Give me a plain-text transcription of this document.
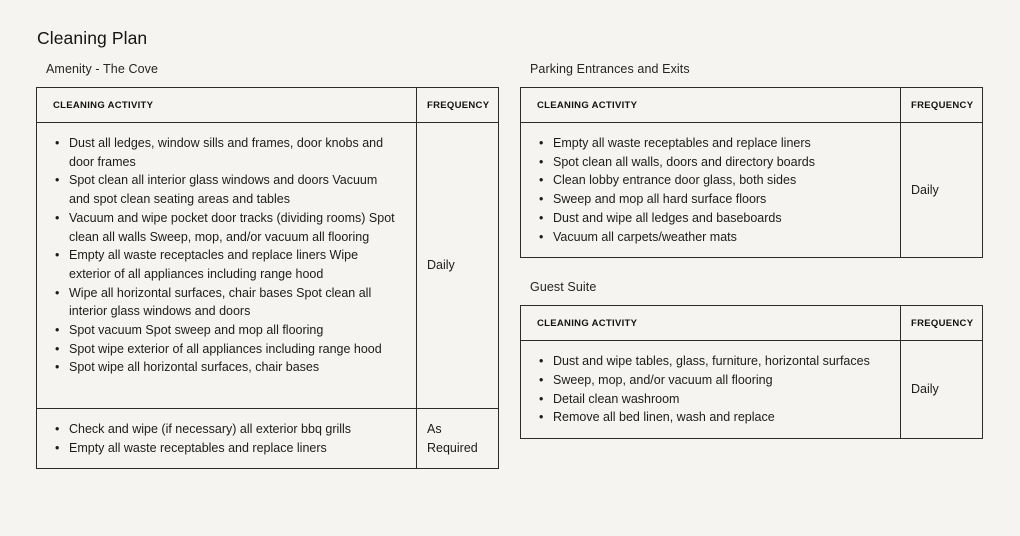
Cleaning Plan
Amenity - The Cove
CLEANING ACTIVITY	FREQUENCY
• Dust all ledges, window sills and frames, door knobs and door frames
• Spot clean all interior glass windows and doors Vacuum and spot clean seating areas and tables
• Vacuum and wipe pocket door tracks (dividing rooms) Spot clean all walls Sweep, mop, and/or vacuum all flooring
• Empty all waste receptacles and replace liners Wipe exterior of all appliances including range hood
• Wipe all horizontal surfaces, chair bases Spot clean all interior glass windows and doors
• Spot vacuum Spot sweep and mop all flooring
• Spot wipe exterior of all appliances including range hood
• Spot wipe all horizontal surfaces, chair bases
Daily
• Check and wipe (if necessary) all exterior bbq grills
• Empty all waste receptables and replace liners
As Required
Parking Entrances and Exits
CLEANING ACTIVITY	FREQUENCY
• Empty all waste receptables and replace liners
• Spot clean all walls, doors and directory boards
• Clean lobby entrance door glass, both sides
• Sweep and mop all hard surface floors
• Dust and wipe all ledges and baseboards
• Vacuum all carpets/weather mats
Daily
Guest Suite
CLEANING ACTIVITY	FREQUENCY
• Dust and wipe tables, glass, furniture, horizontal surfaces
• Sweep, mop, and/or vacuum all flooring
• Detail clean washroom
• Remove all bed linen, wash and replace
Daily
